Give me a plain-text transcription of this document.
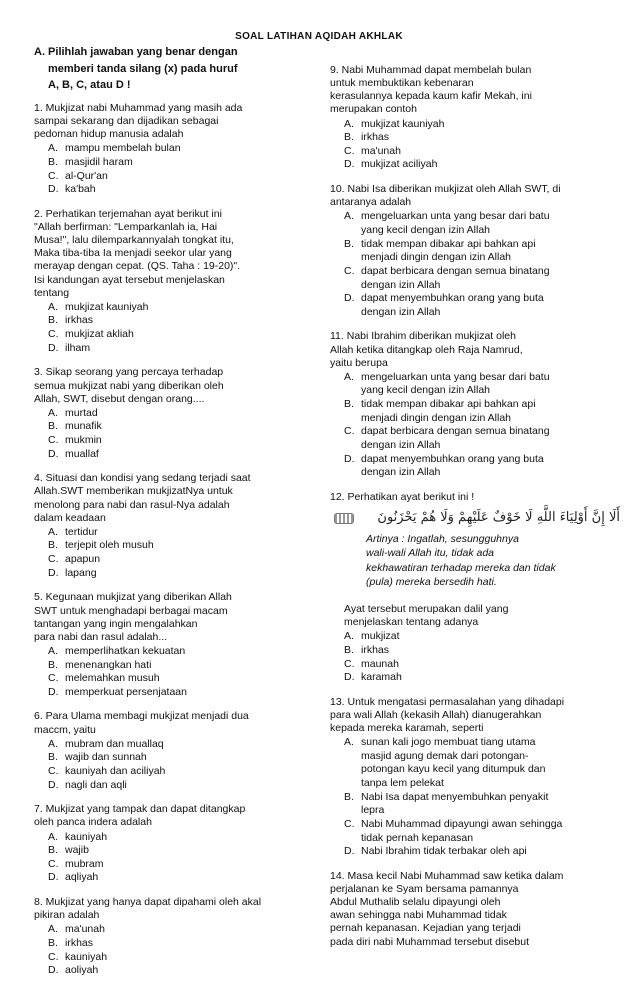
SOAL LATIHAN AQIDAH AKHLAK
A. Pilihlah jawaban yang benar dengan
memberi tanda silang (x) pada huruf
A, B, C, atau D !
1. Mukjizat nabi Muhammad yang masih ada
sampai sekarang dan dijadikan sebagai
pedoman hidup manusia adalah
A. mampu membelah bulan
B. masjidil haram
C. al-Qur'an
D. ka'bah
2. Perhatikan terjemahan ayat berikut ini
"Allah berfirman: "Lemparkanlah ia, Hai
Musa!", lalu dilemparkannyalah tongkat itu,
Maka tiba-tiba Ia menjadi seekor ular yang
merayap dengan cepat. (QS. Taha : 19-20)".
Isi kandungan ayat tersebut menjelaskan
tentang
A. mukjizat kauniyah
B. irkhas
C. mukjizat akliah
D. ilham
3. Sikap seorang yang percaya terhadap
semua mukjizat nabi yang diberikan oleh
Allah, SWT, disebut dengan orang....
A. murtad
B. munafik
C. mukmin
D. muallaf
4. Situasi dan kondisi yang sedang terjadi saat
Allah.SWT memberikan mukjizatNya untuk
menolong para nabi dan rasul-Nya adalah
dalam keadaan
A. tertidur
B. terjepit oleh musuh
C. apapun
D. lapang
5. Kegunaan mukjizat yang diberikan Allah
SWT untuk menghadapi berbagai macam
tantangan yang ingin mengalahkan
para nabi dan rasul adalah...
A. memperlihatkan kekuatan
B. menenangkan hati
C. melemahkan musuh
D. memperkuat persenjataan
6. Para Ulama membagi mukjizat menjadi dua
maccm, yaitu
A. mubram dan muallaq
B. wajib dan sunnah
C. kauniyah dan aciliyah
D. nagli dan aqli
7. Mukjizat yang tampak dan dapat ditangkap
oleh panca indera adalah
A. kauniyah
B. wajib
C. mubram
D. aqliyah
8. Mukjizat yang hanya dapat dipahami oleh akal
pikiran adalah
A. ma'unah
B. irkhas
C. kauniyah
D. aoliyah
9. Nabi Muhammad dapat membelah bulan
untuk membuktikan kebenaran
kerasulannya kepada kaum kafir Mekah, ini
merupakan contoh
A. mukjizat kauniyah
B. irkhas
C. ma'unah
D. mukjizat aciliyah
10. Nabi Isa diberikan mukjizat oleh Allah SWT, di
antaranya adalah
A. mengeluarkan unta yang besar dari batu
yang kecil dengan izin Allah
B. tidak mempan dibakar api bahkan api
menjadi dingin dengan izin Allah
C. dapat berbicara dengan semua binatang
dengan izin Allah
D. dapat menyembuhkan orang yang buta
dengan izin Allah
11. Nabi Ibrahim diberikan mukjizat oleh
Allah ketika ditangkap oleh Raja Namrud,
yaitu berupa
A. mengeluarkan unta yang besar dari batu
yang kecil dengan izin Allah
B. tidak mempan dibakar api bahkan api
menjadi dingin dengan izin Allah
C. dapat berbicara dengan semua binatang
dengan izin Allah
D. dapat menyembuhkan orang yang buta
dengan izin Allah
12. Perhatikan ayat berikut ini !
أَلَا إِنَّ أَوْلِيَاءَ اللَّهِ لَا خَوْفٌ عَلَيْهِمْ وَلَا هُمْ يَحْزَنُونَ
Artinya : Ingatlah, sesungguhnya
wali-wali Allah itu, tidak ada
kekhawatiran terhadap mereka dan tidak
(pula) mereka bersedih hati.
Ayat tersebut merupakan dalil yang
menjelaskan tentang adanya
A. mukjizat
B. irkhas
C. maunah
D. karamah
13. Untuk mengatasi permasalahan yang dihadapi
para wali Allah (kekasih Allah) dianugerahkan
kepada mereka karamah, seperti
A. sunan kali jogo membuat tiang utama
masjid agung demak dari potongan-
potongan kayu kecil yang ditumpuk dan
tanpa lem pelekat
B. Nabi Isa dapat menyembuhkan penyakit
lepra
C. Nabi Muhammad dipayungi awan sehingga
tidak pernah kepanasan
D. Nabi Ibrahim tidak terbakar oleh api
14. Masa kecil Nabi Muhammad saw ketika dalam
perjalanan ke Syam bersama pamannya
Abdul Muthalib selalu dipayungi oleh
awan sehingga nabi Muhammad tidak
pernah kepanasan. Kejadian yang terjadi
pada diri nabi Muhammad tersebut disebut
